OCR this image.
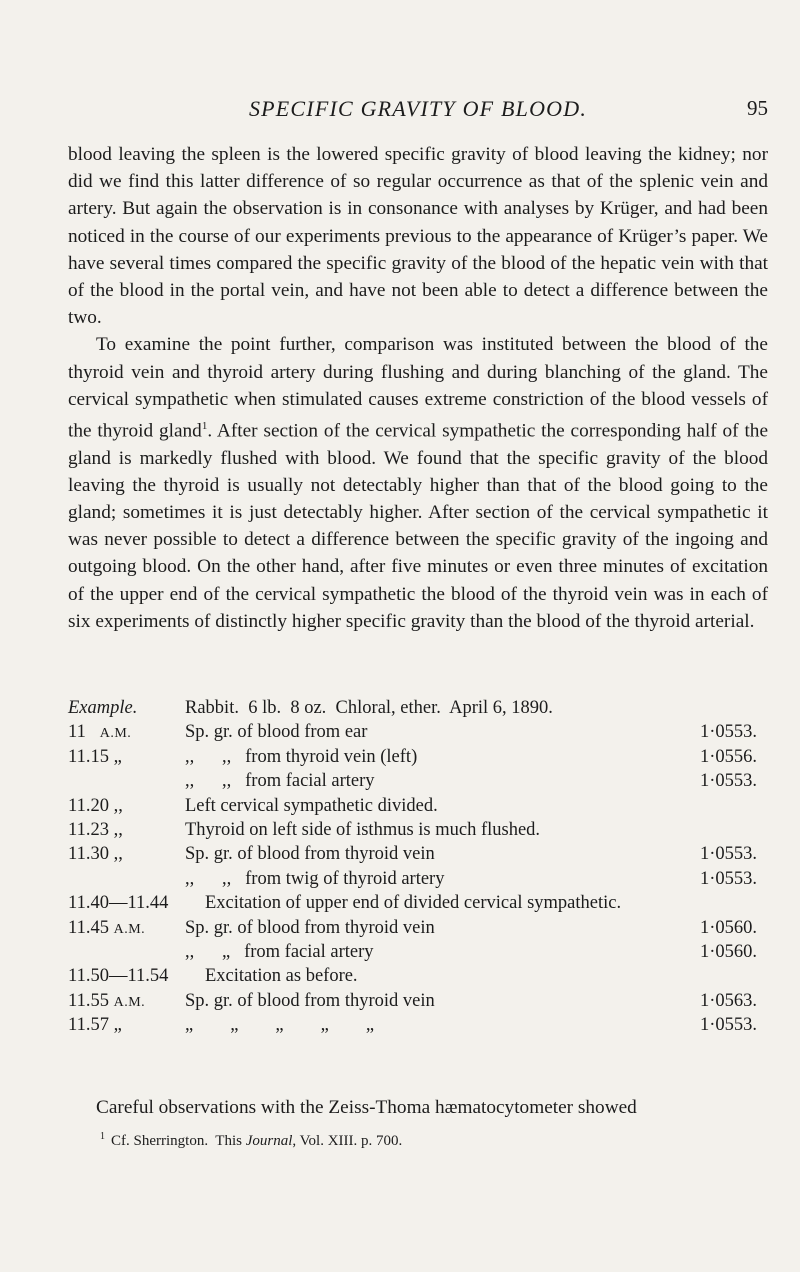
SPECIFIC GRAVITY OF BLOOD.	95

blood leaving the spleen is the lowered specific gravity of blood leaving the kidney; nor did we find this latter difference of so regular occurrence as that of the splenic vein and artery. But again the observation is in consonance with analyses by Krüger, and had been noticed in the course of our experiments previous to the appearance of Krüger’s paper. We have several times compared the specific gravity of the blood of the hepatic vein with that of the blood in the portal vein, and have not been able to detect a difference between the two.

To examine the point further, comparison was instituted between the blood of the thyroid vein and thyroid artery during flushing and during blanching of the gland. The cervical sympathetic when stimulated causes extreme constriction of the blood vessels of the thyroid gland$^1$. After section of the cervical sympathetic the corresponding half of the gland is markedly flushed with blood. We found that the specific gravity of the blood leaving the thyroid is usually not detectably higher than that of the blood going to the gland; sometimes it is just detectably higher. After section of the cervical sympathetic it was never possible to detect a difference between the specific gravity of the ingoing and outgoing blood. On the other hand, after five minutes or even three minutes of excitation of the upper end of the cervical sympathetic the blood of the thyroid vein was in each of six experiments of distinctly higher specific gravity than the blood of the thyroid arterial.

Example.	Rabbit.  6 lb.  8 oz.  Chloral, ether.  April 6, 1890.
11 A.M.	Sp. gr. of blood from ear	1·0553.
11.15 „	,,      ,,   from thyroid vein (left)	1·0556.
,,      ,,   from facial artery	1·0553.
11.20 ,,	Left cervical sympathetic divided.
11.23 ,,	Thyroid on left side of isthmus is much flushed.
11.30 ,,	Sp. gr. of blood from thyroid vein	1·0553.
,,      ,,   from twig of thyroid artery	1·0553.
11.40—11.44 Excitation of upper end of divided cervical sympathetic.
11.45 A.M. Sp. gr. of blood from thyroid vein	1·0560.
,,      „   from facial artery	1·0560.
11.50—11.54 Excitation as before.
11.55 A.M. Sp. gr. of blood from thyroid vein	1·0563.
11.57 „	„        „        „        „        „	1·0553.
Careful observations with the Zeiss-Thoma hæmatocytometer showed
$^1$ Cf. Sherrington.  This Journal, Vol. XIII. p. 700.
